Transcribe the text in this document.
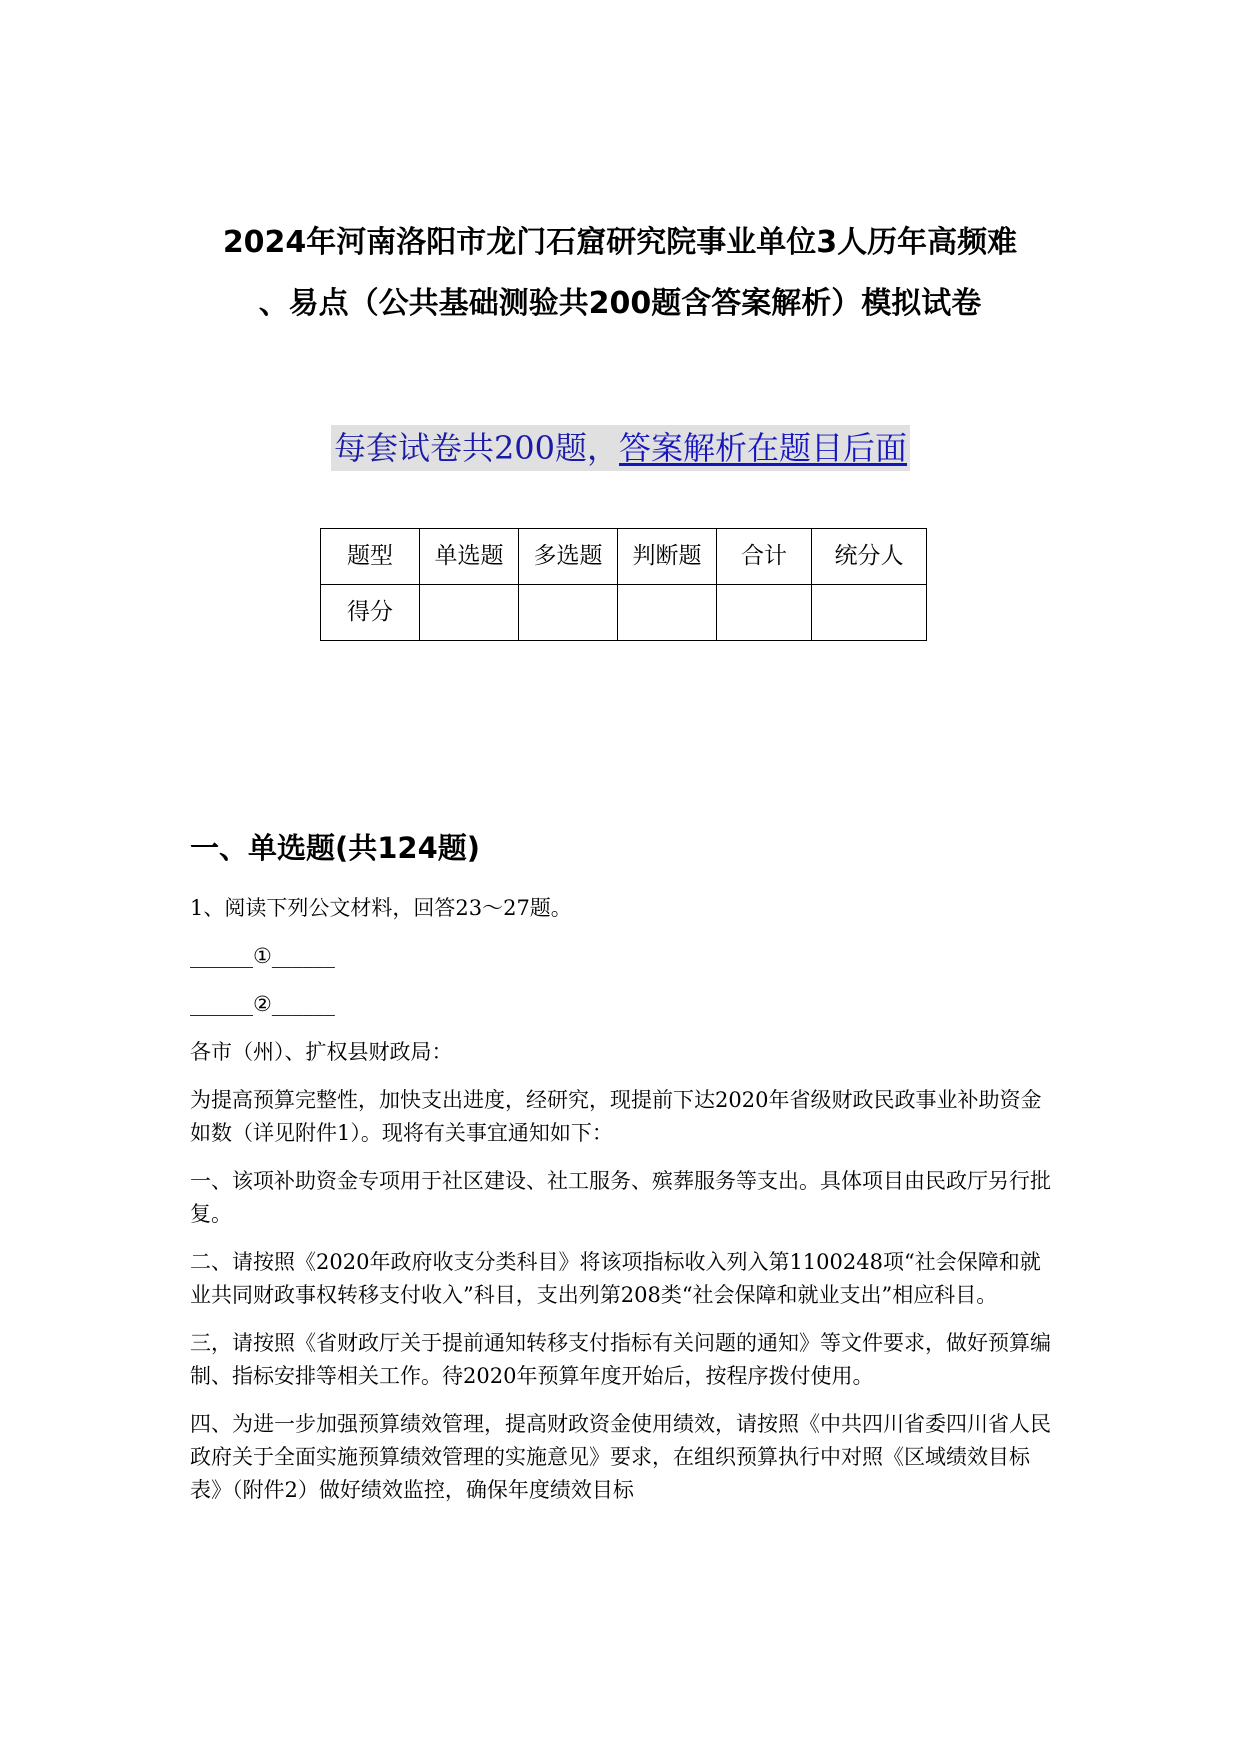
2024年河南洛阳市龙门石窟研究院事业单位3人历年高频难
、易点（公共基础测验共200题含答案解析）模拟试卷
每套试卷共200题，答案解析在题目后面
题型	单选题	多选题	判断题	合计	统分人
得分					
一、单选题(共124题)

1、阅读下列公文材料，回答23～27题。

______①______

______②______

各市（州）、扩权县财政局：

为提高预算完整性，加快支出进度，经研究，现提前下达2020年省级财政民政事业补助资金如数（详见附件1）。现将有关事宜通知如下：

一、该项补助资金专项用于社区建设、社工服务、殡葬服务等支出。具体项目由民政厅另行批复。

二、请按照《2020年政府收支分类科目》将该项指标收入列入第1100248项“社会保障和就业共同财政事权转移支付收入”科目，支出列第208类“社会保障和就业支出”相应科目。

三，请按照《省财政厅关于提前通知转移支付指标有关问题的通知》等文件要求，做好预算编制、指标安排等相关工作。待2020年预算年度开始后，按程序拨付使用。

四、为进一步加强预算绩效管理，提高财政资金使用绩效，请按照《中共四川省委四川省人民政府关于全面实施预算绩效管理的实施意见》要求，在组织预算执行中对照《区域绩效目标表》（附件2）做好绩效监控，确保年度绩效目标
